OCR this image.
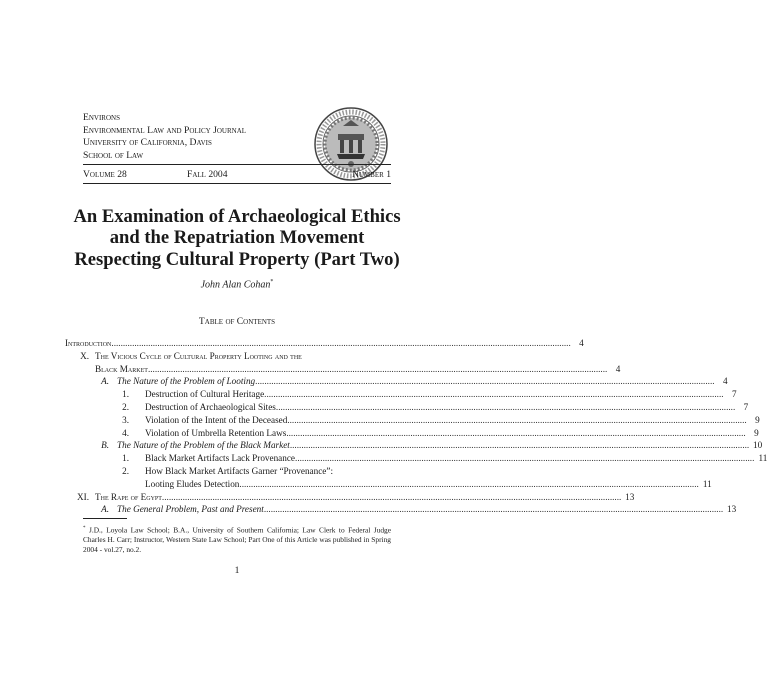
Environs
Environmental Law and Policy Journal
University of California, Davis
School of Law
Volume 28	Fall 2004	Number 1
An Examination of Archaeological Ethics
and the Repatriation Movement
Respecting Cultural Property (Part Two)
John Alan Cohan*
Table of Contents
Introduction ........................................................................................................................................................................................................ 4
X. The Vicious Cycle of Cultural Property Looting and the
Black Market ........................................................................................................................................................................................................ 4
A. The Nature of the Problem of Looting ........................................................................................................................................................................................................ 4
1. Destruction of Cultural Heritage ........................................................................................................................................................................................................ 7
2. Destruction of Archaeological Sites ........................................................................................................................................................................................................ 7
3. Violation of the Intent of the Deceased ........................................................................................................................................................................................................ 9
4. Violation of Umbrella Retention Laws ........................................................................................................................................................................................................ 9
B. The Nature of the Problem of the Black Market ........................................................................................................................................................................................................ 10
1. Black Market Artifacts Lack Provenance ........................................................................................................................................................................................................ 11
2. How Black Market Artifacts Garner “Provenance”:
Looting Eludes Detection ........................................................................................................................................................................................................ 11
XI. The Rape of Egypt ........................................................................................................................................................................................................ 13
A. The General Problem, Past and Present ........................................................................................................................................................................................................ 13
* J.D., Loyola Law School; B.A., University of Southern California; Law Clerk to Federal Judge Charles H. Carr; Instructor, Western State Law School; Part One of this Article was published in Spring 2004 - vol.27, no.2.
1
